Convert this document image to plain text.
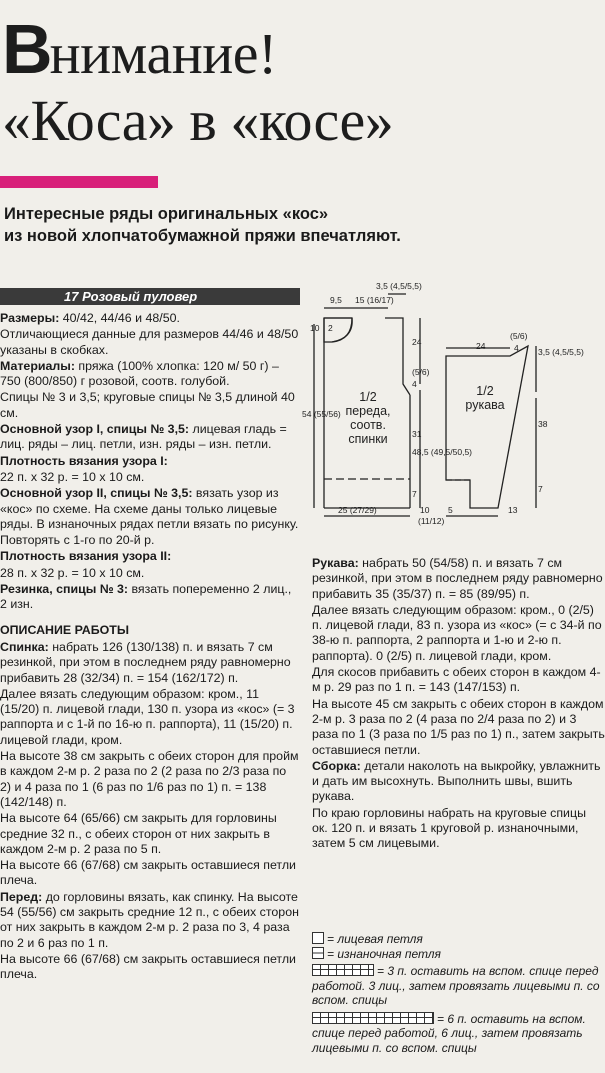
Внимание!
«Коса» в «косе»
Интересные ряды оригинальных «кос»
из новой хлопчатобумажной пряжи впечатляют.
17 Розовый пуловер

Размеры: 40/42, 44/46 и 48/50.

Отличающиеся данные для размеров 44/46 и 48/50 указаны в скобках.

Материалы: пряжа (100% хлопка: 120 м/ 50 г) – 750 (800/850) г розовой, соотв. голубой.

Спицы № 3 и 3,5; круговые спицы № 3,5 длиной 40 см.

Основной узор I, спицы № 3,5: лицевая гладь = лиц. ряды – лиц. петли, изн. ряды – изн. петли.

Плотность вязания узора I:

22 п. х 32 р. = 10 х 10 см.

Основной узор II, спицы № 3,5: вязать узор из «кос» по схеме. На схеме даны только лицевые ряды. В изнаночных рядах петли вязать по рисунку.

Повторять с 1-го по 20-й р.

Плотность вязания узора II:

28 п. х 32 р. = 10 х 10 см.

Резинка, спицы № 3: вязать попеременно 2 лиц., 2 изн.

ОПИСАНИЕ РАБОТЫ

Спинка: набрать 126 (130/138) п. и вязать 7 см резинкой, при этом в последнем ряду равномерно прибавить 28 (32/34) п. = 154 (162/172) п.

Далее вязать следующим образом: кром., 11 (15/20) п. лицевой глади, 130 п. узора из «кос» (= 3 раппорта и с 1-й по 16-ю п. раппорта), 11 (15/20) п. лицевой глади, кром.

На высоте 38 см закрыть с обеих сторон для пройм в каждом 2-м р. 2 раза по 2 (2 раза по 2/3 раза по 2) и 4 раза по 1 (6 раз по 1/6 раз по 1) п. = 138 (142/148) п.

На высоте 64 (65/66) см закрыть для горловины средние 32 п., с обеих сторон от них закрыть в каждом 2-м р. 2 раза по 5 п.

На высоте 66 (67/68) см закрыть оставшиеся петли плеча.

Перед: до горловины вязать, как спинку. На высоте 54 (55/56) см закрыть средние 12 п., с обеих сторон от них закрыть в каждом 2-м р. 2 раза по 3, 4 раза по 2 и 6 раз по 1 п.

На высоте 66 (67/68) см закрыть оставшиеся петли плеча.

3,5 (4,5/5,5)
9,5 15 (16/17)
10 2
24
(5/6)
4
54 (55/56)
31
48,5 (49,5/50,5)
7
25 (27/29)	10
(11/12)
1/2
переда,
соотв.
спинки
24
(5/6)
4 3,5 (4,5/5,5)
38
7
5	13
1/2
рукава

Рукава: набрать 50 (54/58) п. и вязать 7 см резинкой, при этом в последнем ряду равномерно прибавить 35 (35/37) п. = 85 (89/95) п.

Далее вязать следующим образом: кром., 0 (2/5) п. лицевой глади, 83 п. узора из «кос» (= с 34-й по 38-ю п. раппорта, 2 раппорта и 1-ю и 2-ю п. раппорта). 0 (2/5) п. лицевой глади, кром.

Для скосов прибавить с обеих сторон в каждом 4-м р. 29 раз по 1 п. = 143 (147/153) п.

На высоте 45 см закрыть с обеих сторон в каждом 2-м р. 3 раза по 2 (4 раза по 2/4 раза по 2) и 3 раза по 1 (3 раза по 1/5 раз по 1) п., затем закрыть оставшиеся петли.

Сборка: детали наколоть на выкройку, увлажнить и дать им высохнуть. Выполнить швы, вшить рукава.

По краю горловины набрать на круговые спицы ок. 120 п. и вязать 1 круговой р. изнаночными, затем 5 см лицевыми.

= лицевая петля
= изнаночная петля
= 3 п. оставить на вспом. спице перед работой. 3 лиц., затем провязать лицевыми п. со вспом. спицы
= 6 п. оставить на вспом. спице перед работой, 6 лиц., затем провязать лицевыми п. со вспом. спицы
